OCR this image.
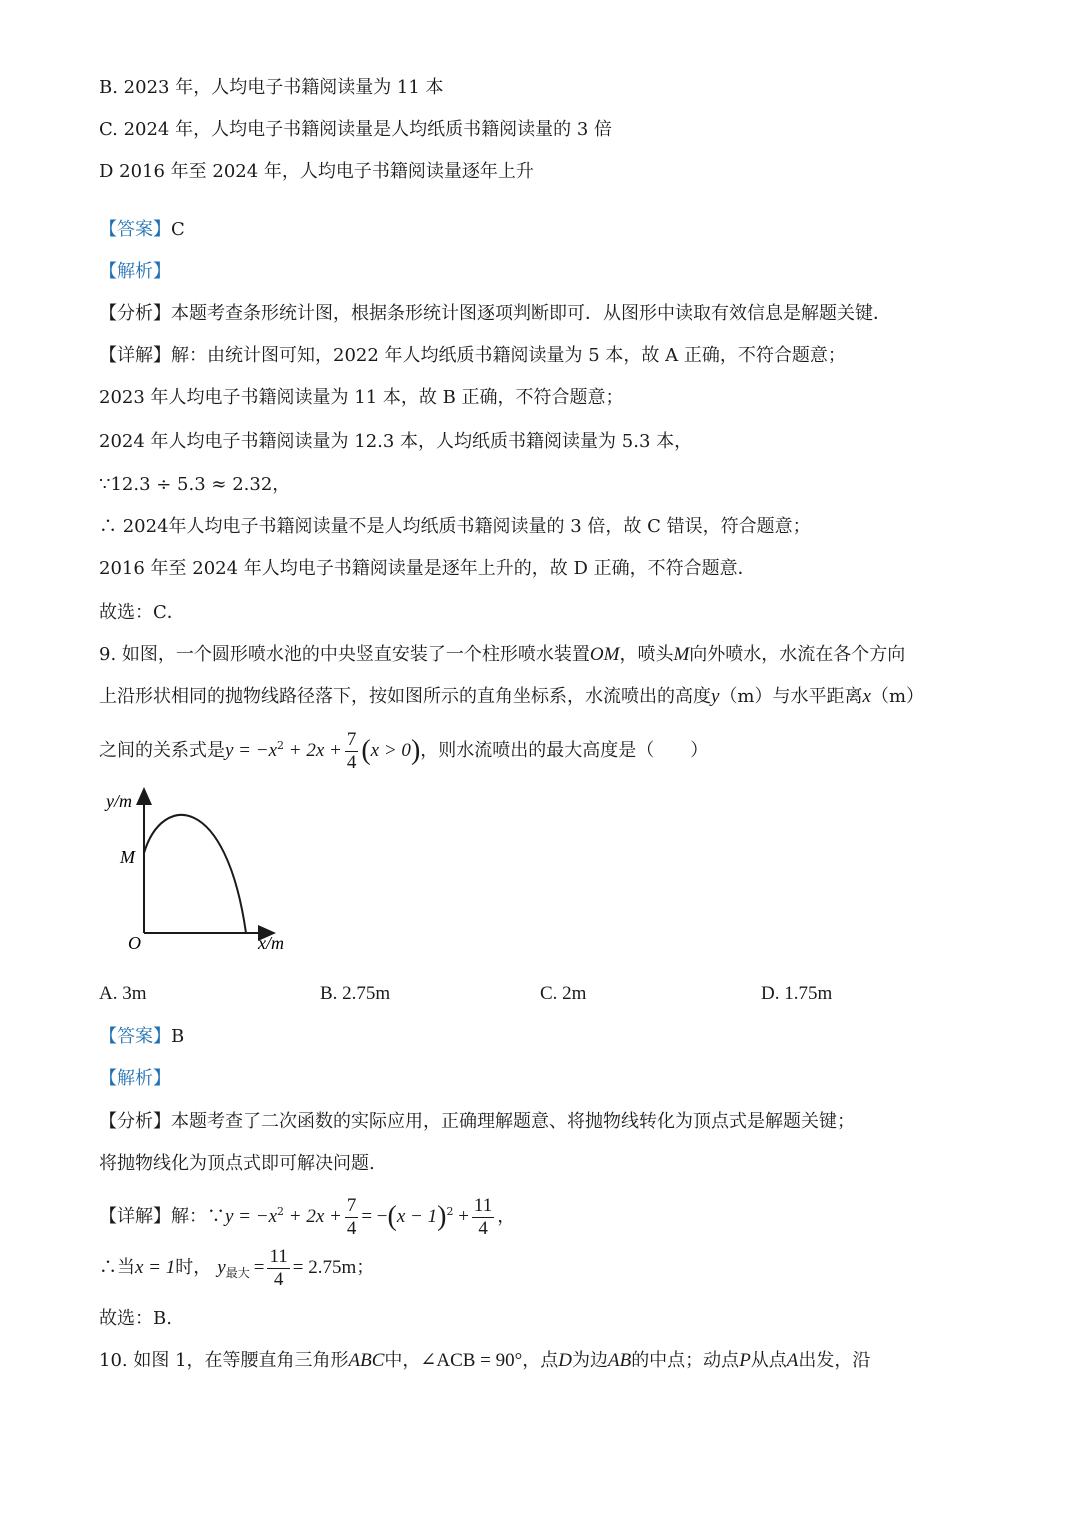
B. 2023 年，人均电子书籍阅读量为 11 本
C. 2024 年，人均电子书籍阅读量是人均纸质书籍阅读量的 3 倍
D 2016 年至 2024 年，人均电子书籍阅读量逐年上升
【答案】C
【解析】
【分析】本题考查条形统计图，根据条形统计图逐项判断即可．从图形中读取有效信息是解题关键．
【详解】解：由统计图可知，2022 年人均纸质书籍阅读量为 5 本，故 A 正确，不符合题意；
2023 年人均电子书籍阅读量为 11 本，故 B 正确，不符合题意；
2024 年人均电子书籍阅读量为 12.3 本，人均纸质书籍阅读量为 5.3 本，
∵12.3 ÷ 5.3 ≈ 2.32，
∴ 2024年人均电子书籍阅读量不是人均纸质书籍阅读量的 3 倍，故 C 错误，符合题意；
2016 年至 2024 年人均电子书籍阅读量是逐年上升的，故 D 正确，不符合题意．
故选：C．
9. 如图，一个圆形喷水池的中央竖直安装了一个柱形喷水装置OM，喷头M向外喷水，水流在各个方向
上沿形状相同的抛物线路径落下，按如图所示的直角坐标系，水流喷出的高度y（m）与水平距离x（m）
之间的关系式是$y = -x^2 + 2x + \frac{7}{4} (x > 0)$，则水流喷出的最大高度是（　　）
y/m
M
O	x/m
A. 3m	B. 2.75m	C. 2m	D. 1.75m
【答案】B
【解析】
【分析】本题考查了二次函数的实际应用，正确理解题意、将抛物线转化为顶点式是解题关键；
将抛物线化为顶点式即可解决问题.
【详解】解：∵y = $-x^2 + 2x + \frac{7}{4} = -(x - 1)^2 + \frac{11}{4}$ ，
∴当x = 1时， $y_{最大} = \frac{11}{4} = 2.75m$；
故选：B.
10. 如图 1，在等腰直角三角形ABC中，∠ACB = 90°，点D为边AB的中点；动点P从点A出发，沿
